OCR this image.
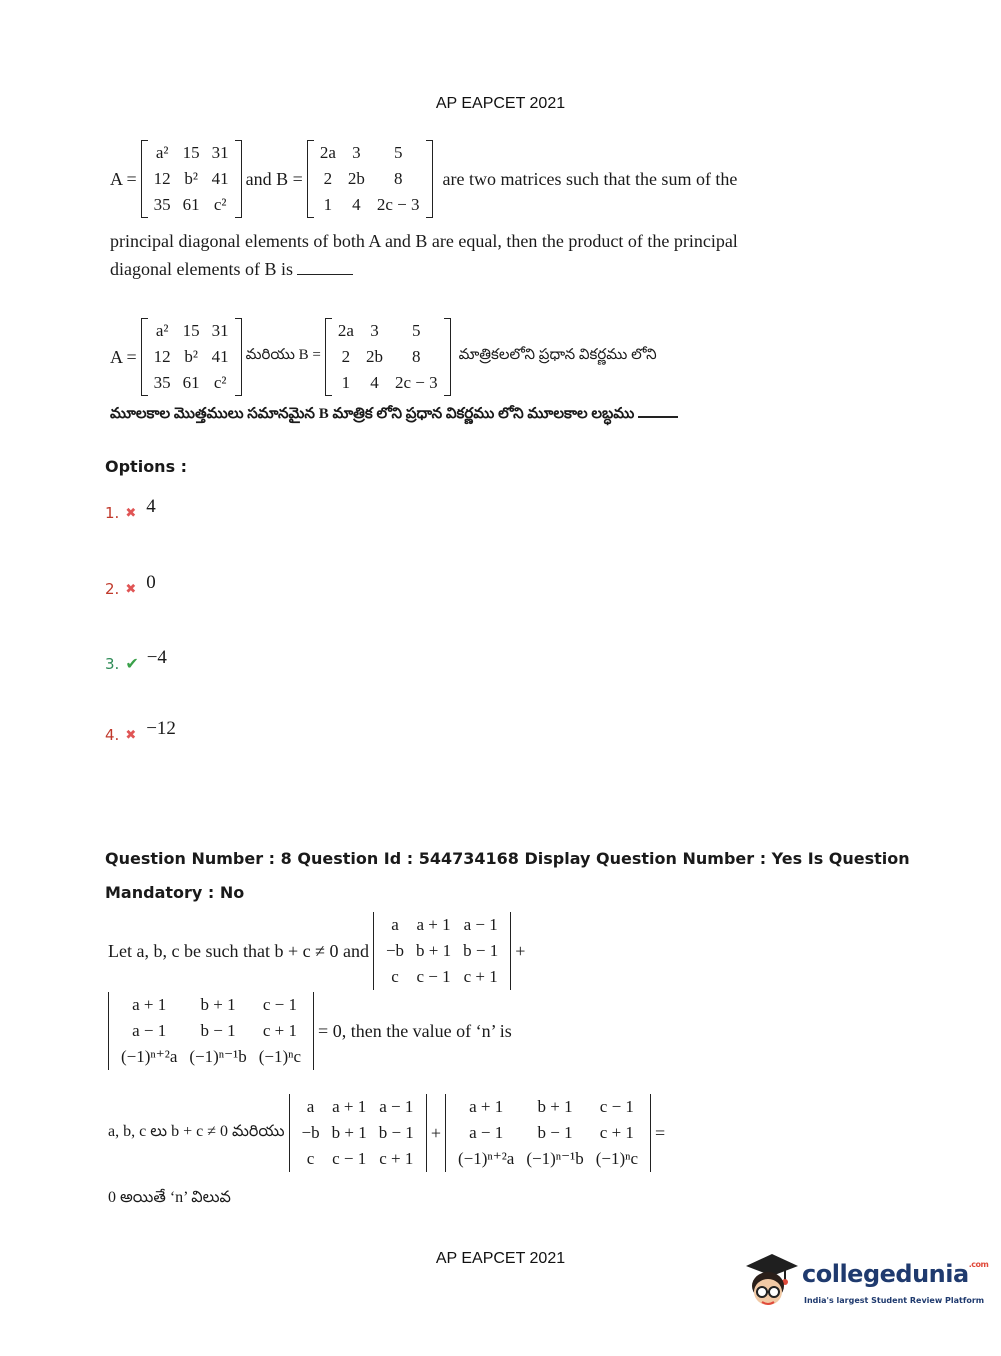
AP EAPCET 2021
A =
a²	15	31
12	b²	41
35	61	c²
and B =
2a	3	5
2	2b	8
1	4	2c − 3
are two matrices such that the sum of the
principal diagonal elements of both A and B are equal, then the product of the principal
diagonal elements of B is
A =
a²	15	31
12	b²	41
35	61	c²
మరియు B =
2a	3	5
2	2b	8
1	4	2c − 3
మాత్రికలలోని ప్రధాన వికర్ణము లోని
మూలకాల మొత్తములు సమానమైన B మాత్రిక లోని ప్రధాన వికర్ణము లోని మూలకాల లబ్ధము
Options :
1. ✖ 4
2. ✖ 0
3. ✔ −4
4. ✖ −12
Question Number : 8 Question Id : 544734168 Display Question Number : Yes Is Question
Mandatory : No
Let a, b, c be such that b + c ≠ 0 and
a	a + 1	a − 1
−b	b + 1	b − 1
c	c − 1	c + 1
+
a + 1	b + 1	c − 1
a − 1	b − 1	c + 1
(−1)ⁿ⁺²a	(−1)ⁿ⁻¹b	(−1)ⁿc
= 0, then the value of ‘n’ is
a, b, c లు b + c ≠ 0 మరియు
a	a + 1	a − 1
−b	b + 1	b − 1
c	c − 1	c + 1
+
a + 1	b + 1	c − 1
a − 1	b − 1	c + 1
(−1)ⁿ⁺²a	(−1)ⁿ⁻¹b	(−1)ⁿc
=
0 అయితే ‘n’ విలువ
AP EAPCET 2021
collegedunia$^{.com}$
India's largest Student Review Platform
